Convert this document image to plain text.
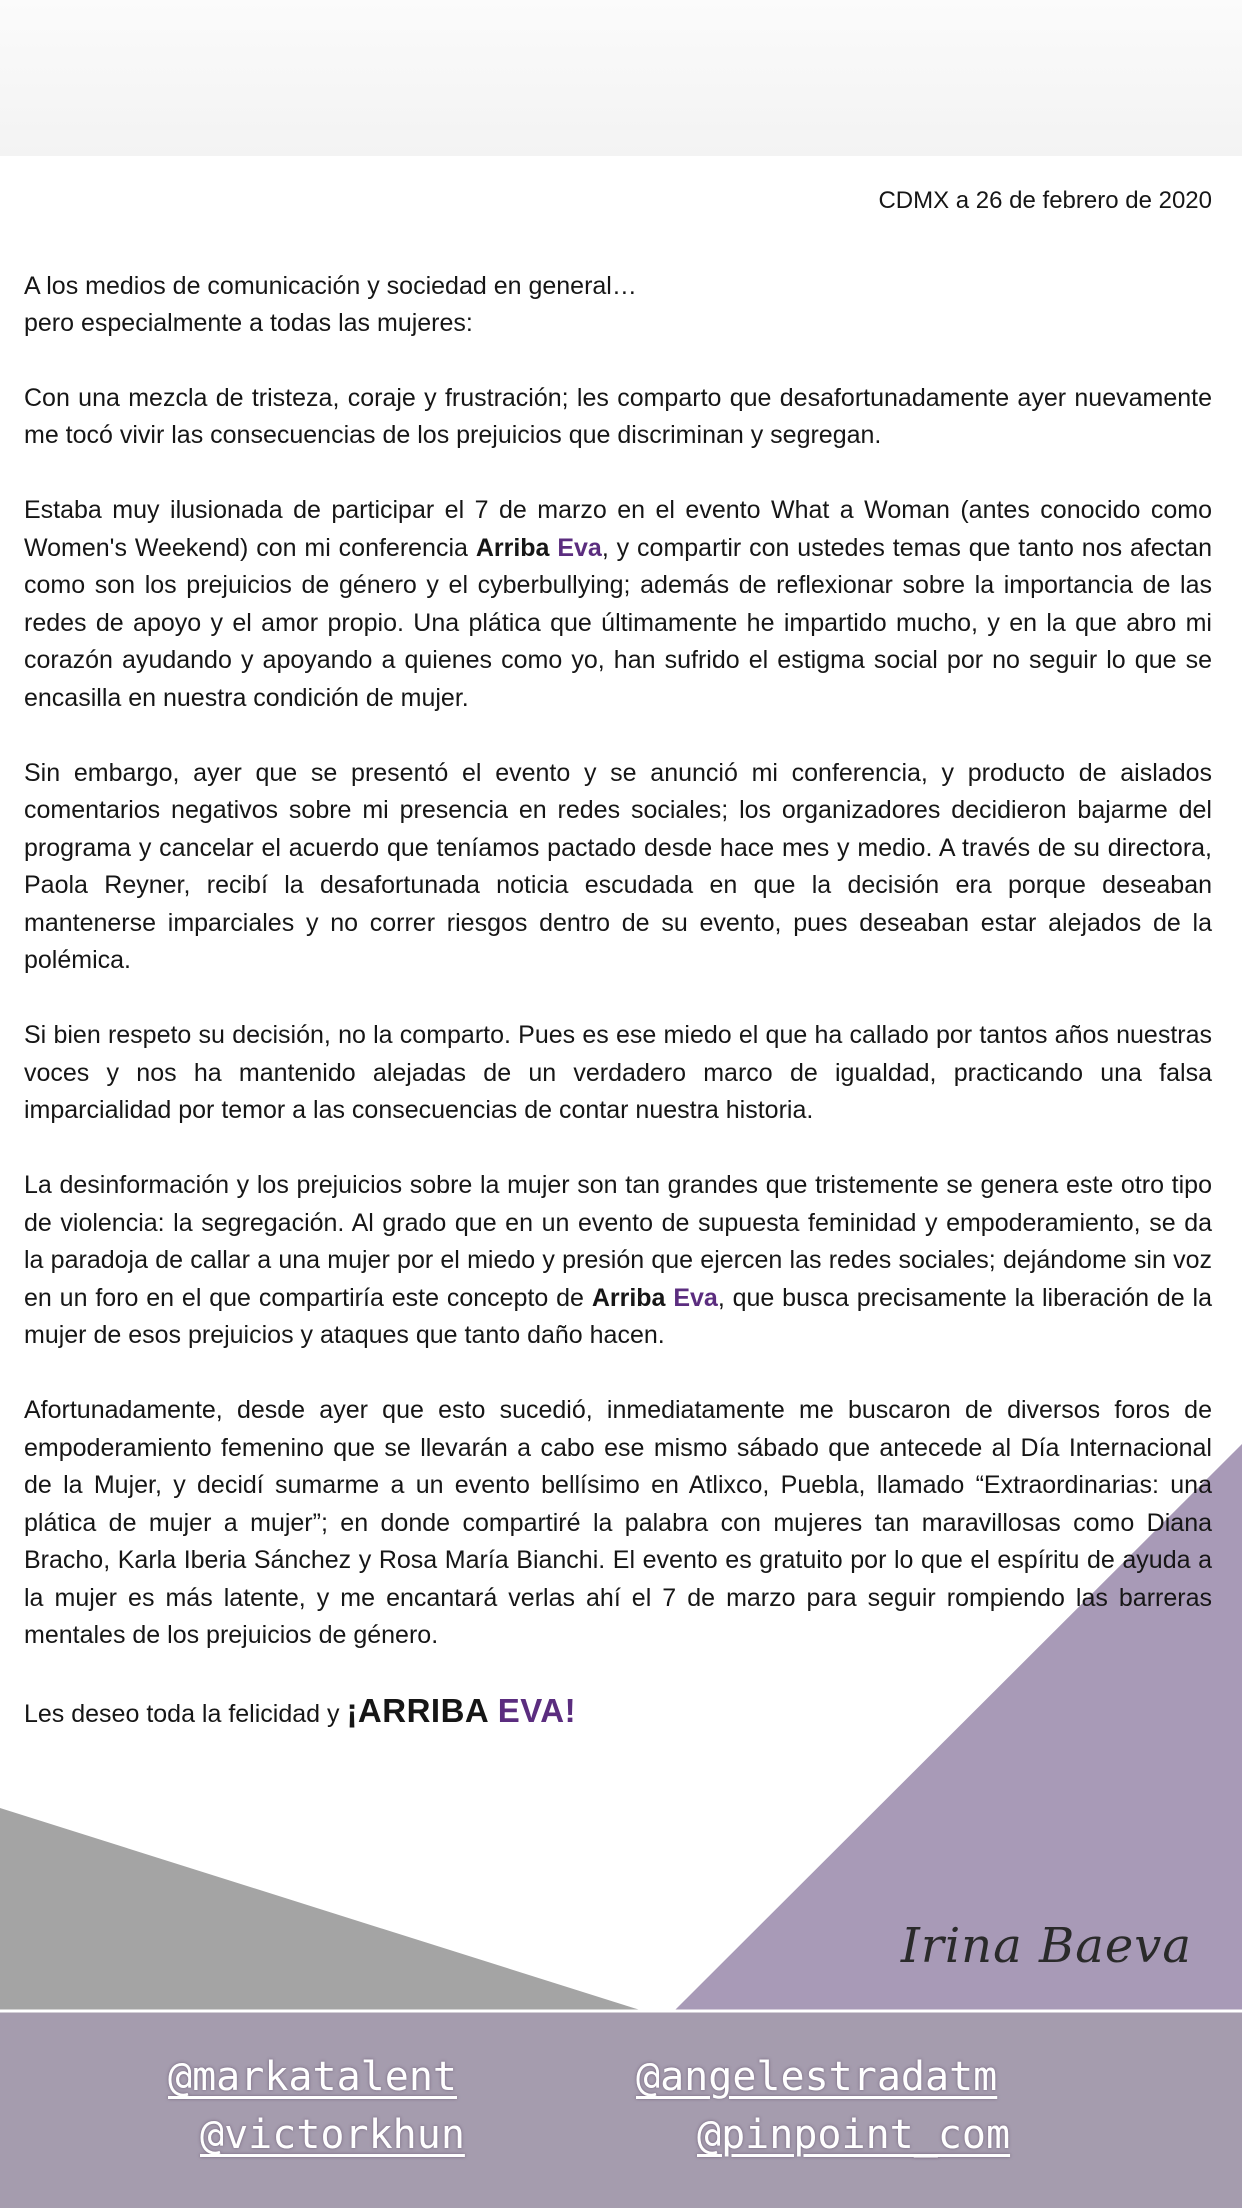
CDMX a 26 de febrero de 2020

A los medios de comunicación y sociedad en general…

pero especialmente a todas las mujeres:

Con una mezcla de tristeza, coraje y frustración; les comparto que desafortunadamente ayer nuevamente me tocó vivir las consecuencias de los prejuicios que discriminan y segregan.

Estaba muy ilusionada de participar el 7 de marzo en el evento What a Woman (antes conocido como Women's Weekend) con mi conferencia Arriba Eva, y compartir con ustedes temas que tanto nos afectan como son los prejuicios de género y el cyberbullying; además de reflexionar sobre la importancia de las redes de apoyo y el amor propio. Una plática que últimamente he impartido mucho, y en la que abro mi corazón ayudando y apoyando a quienes como yo, han sufrido el estigma social por no seguir lo que se encasilla en nuestra condición de mujer.

Sin embargo, ayer que se presentó el evento y se anunció mi conferencia, y producto de aislados comentarios negativos sobre mi presencia en redes sociales; los organizadores decidieron bajarme del programa y cancelar el acuerdo que teníamos pactado desde hace mes y medio. A través de su directora, Paola Reyner, recibí la desafortunada noticia escudada en que la decisión era porque deseaban mantenerse imparciales y no correr riesgos dentro de su evento, pues deseaban estar alejados de la polémica.

Si bien respeto su decisión, no la comparto. Pues es ese miedo el que ha callado por tantos años nuestras voces y nos ha mantenido alejadas de un verdadero marco de igualdad, practicando una falsa imparcialidad por temor a las consecuencias de contar nuestra historia.

La desinformación y los prejuicios sobre la mujer son tan grandes que tristemente se genera este otro tipo de violencia: la segregación. Al grado que en un evento de supuesta feminidad y empoderamiento, se da la paradoja de callar a una mujer por el miedo y presión que ejercen las redes sociales; dejándome sin voz en un foro en el que compartiría este concepto de Arriba Eva, que busca precisamente la liberación de la mujer de esos prejuicios y ataques que tanto daño hacen.

Afortunadamente, desde ayer que esto sucedió, inmediatamente me buscaron de diversos foros de empoderamiento femenino que se llevarán a cabo ese mismo sábado que antecede al Día Internacional de la Mujer, y decidí sumarme a un evento bellísimo en Atlixco, Puebla, llamado “Extraordinarias: una plática de mujer a mujer”; en donde compartiré la palabra con mujeres tan maravillosas como Diana Bracho, Karla Iberia Sánchez y Rosa María Bianchi. El evento es gratuito por lo que el espíritu de ayuda a la mujer es más latente, y me encantará verlas ahí el 7 de marzo para seguir rompiendo las barreras mentales de los prejuicios de género.

Les deseo toda la felicidad y ¡ARRIBA EVA!

Irina Baeva
@markatalent	@angelestradatm
@victorkhun	@pinpoint_com
